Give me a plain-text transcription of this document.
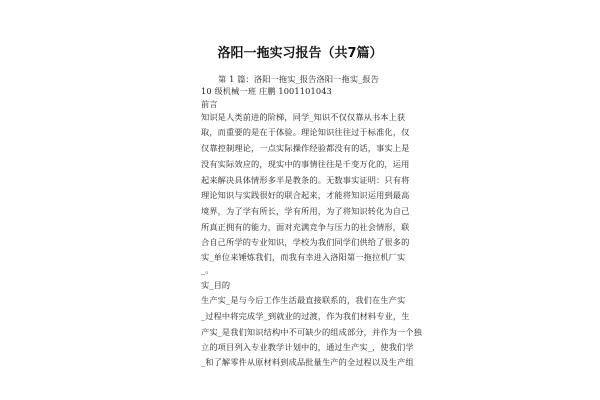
洛阳一拖实习报告（共7篇）
第 1 篇：洛阳一拖实_报告洛阳一拖实_报告
10 级机械一班 庄鹏 1001101043
前言
知识是人类前进的阶梯，同学_知识不仅仅靠从书本上获
取，而重要的是在于体验。理论知识往往过于标准化，仅
仅靠控制理论，一点实际操作经验都没有的话，事实上是
没有实际效应的，现实中的事情往往是千变万化的，运用
起来解决具体情形多半是教条的。无数事实证明：只有将
理论知识与实践很好的联合起来，才能将知识运用到最高
境界，为了学有所长，学有所用，为了将知识转化为自己
所真正拥有的能力，面对充满竞争与压力的社会情形，联
合自己所学的专业知识，学校为我们同学们供给了很多的
实_单位来锤炼我们，而我有幸进入洛阳第一拖拉机厂实
_。
实_目的
生产实_是与今后工作生活最直接联系的，我们在生产实
_过程中将完成学_到就业的过渡，作为我们材料专业，生
产实_是我们知识结构中不可缺少的组成部分，并作为一个独
立的项目列入专业教学计划中的，通过生产实_，使我们学
_和了解零件从原材料到成品批量生产的全过程以及生产组
